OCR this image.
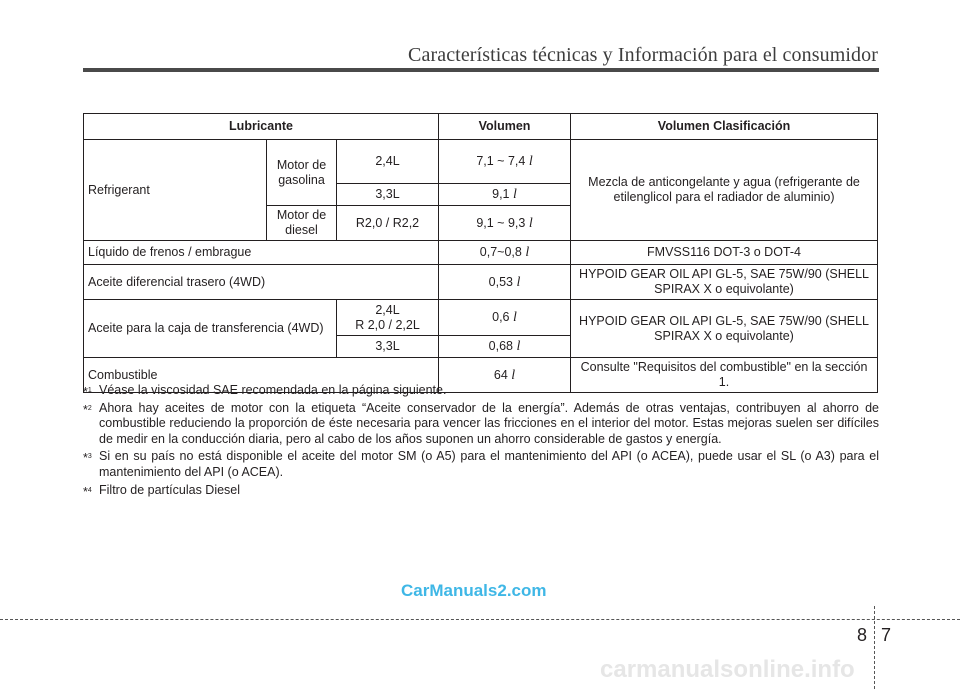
Características técnicas y Información para el consumidor
Lubricante			Volumen	Volumen Clasificación
Refrigerant	Motor de gasolina	2,4L	7,1 ~ 7,4 l	Mezcla de anticongelante y agua (refrigerante de etilenglicol para el radiador de aluminio)
		3,3L	9,1 l	
	Motor de diesel	R2,0 / R2,2	9,1 ~ 9,3 l	
Líquido de frenos / embrague			0,7~0,8 l	FMVSS116 DOT-3 o DOT-4
Aceite diferencial trasero (4WD)			0,53 l	HYPOID GEAR OIL API GL-5, SAE 75W/90 (SHELL SPIRAX X o equivolante)
Aceite para la caja de transferencia (4WD)		2,4L
R 2,0 / 2,2L	0,6 l	HYPOID GEAR OIL API GL-5, SAE 75W/90 (SHELL SPIRAX X o equivolante)
		3,3L	0,68 l	
Combustible			64 l	Consulte "Requisitos del combustible" en la sección 1.
*$^1$ Véase la viscosidad SAE recomendada en la página siguiente.
*$^2$ Ahora hay aceites de motor con la etiqueta “Aceite conservador de la energía”. Además de otras ventajas, contribuyen al ahorro de combustible reduciendo la proporción de éste necesaria para vencer las fricciones en el interior del motor. Estas mejoras suelen ser difíciles de medir en la conducción diaria, pero al cabo de los años suponen un ahorro considerable de gastos y energía.
*$^3$ Si en su país no está disponible el aceite del motor SM (o A5) para el mantenimiento del API (o ACEA), puede usar el SL (o A3) para el mantenimiento del API (o ACEA).
*$^4$ Filtro de partículas Diesel
CarManuals2.com
8 7
carmanualsonline.info
